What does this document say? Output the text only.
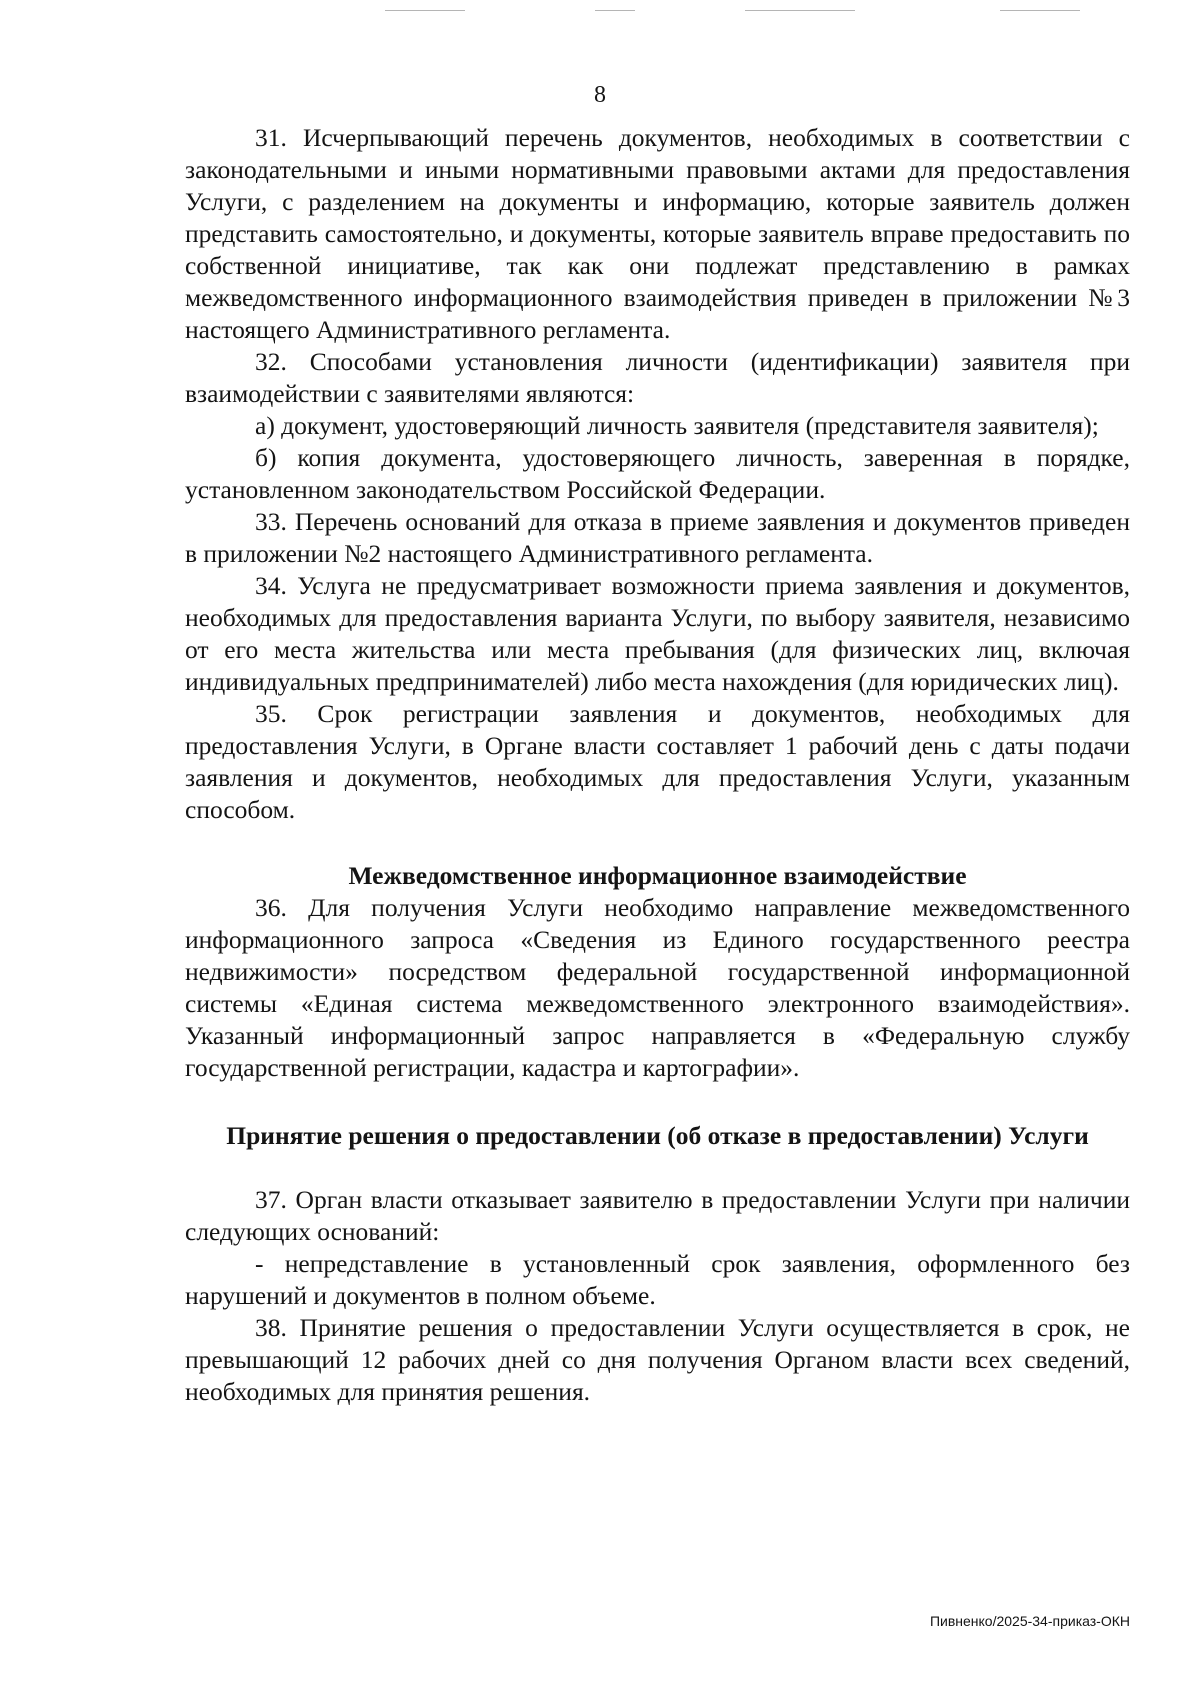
8

31. Исчерпывающий перечень документов, необходимых в соответствии с законодательными и иными нормативными правовыми актами для предоставления Услуги, с разделением на документы и информацию, которые заявитель должен представить самостоятельно, и документы, которые заявитель вправе предоставить по собственной инициативе, так как они подлежат представлению в рамках межведомственного информационного взаимодействия приведен в приложении №3 настоящего Административного регламента.

32. Способами установления личности (идентификации) заявителя при взаимодействии с заявителями являются:

а) документ, удостоверяющий личность заявителя (представителя заявителя);

б) копия документа, удостоверяющего личность, заверенная в порядке, установленном законодательством Российской Федерации.

33. Перечень оснований для отказа в приеме заявления и документов приведен в приложении №2 настоящего Административного регламента.

34. Услуга не предусматривает возможности приема заявления и документов, необходимых для предоставления варианта Услуги, по выбору заявителя, независимо от его места жительства или места пребывания (для физических лиц, включая индивидуальных предпринимателей) либо места нахождения (для юридических лиц).

35. Срок регистрации заявления и документов, необходимых для предоставления Услуги, в Органе власти составляет 1 рабочий день с даты подачи заявления и документов, необходимых для предоставления Услуги, указанным способом.

Межведомственное информационное взаимодействие

36. Для получения Услуги необходимо направление межведомственного информационного запроса «Сведения из Единого государственного реестра недвижимости» посредством федеральной государственной информационной системы «Единая система межведомственного электронного взаимодействия». Указанный информационный запрос направляется в «Федеральную службу государственной регистрации, кадастра и картографии».

Принятие решения о предоставлении (об отказе в предоставлении) Услуги

37. Орган власти отказывает заявителю в предоставлении Услуги при наличии следующих оснований:

- непредставление в установленный срок заявления, оформленного без нарушений и документов в полном объеме.

38. Принятие решения о предоставлении Услуги осуществляется в срок, не превышающий 12 рабочих дней со дня получения Органом власти всех сведений, необходимых для принятия решения.

Пивненко/2025-34-приказ-ОКН
